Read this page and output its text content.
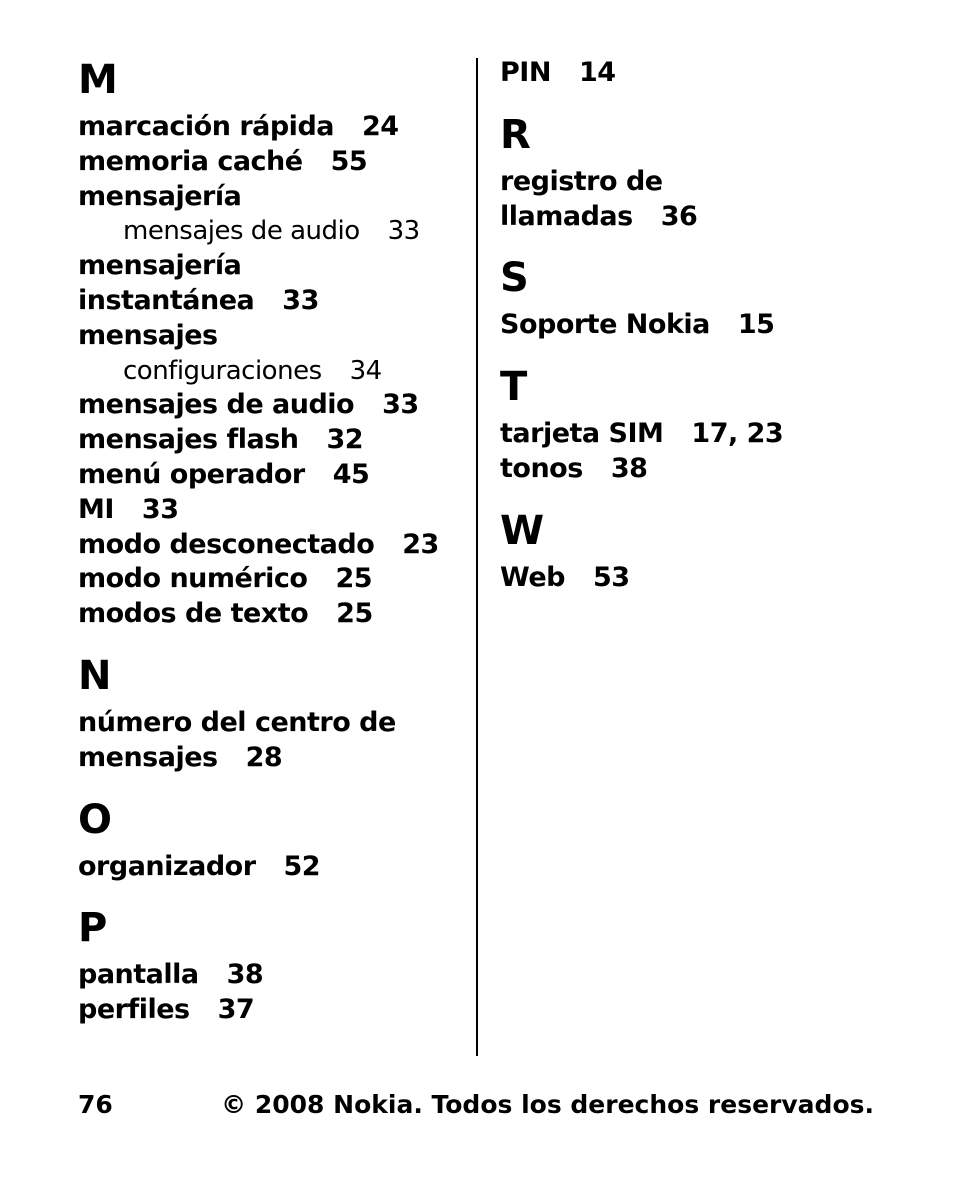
M
marcación rápida 24
memoria caché 55
mensajería
mensajes de audio 33
mensajería
instantánea 33
mensajes
configuraciones 34
mensajes de audio 33
mensajes flash 32
menú operador 45
MI 33
modo desconectado 23
modo numérico 25
modos de texto 25
N
número del centro de
mensajes 28
O
organizador 52
P
pantalla 38
perfiles 37
PIN 14
R
registro de
llamadas 36
S
Soporte Nokia 15
T
tarjeta SIM 17, 23
tonos 38
W
Web 53
76	© 2008 Nokia. Todos los derechos reservados.
